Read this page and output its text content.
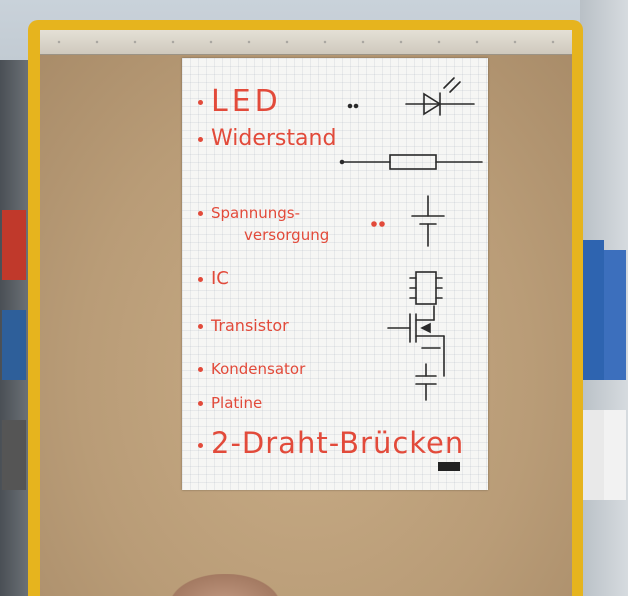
LED
Widerstand
Spannungs-
versorgung
IC
Transistor
Kondensator
Platine
2-Draht-Brücken
